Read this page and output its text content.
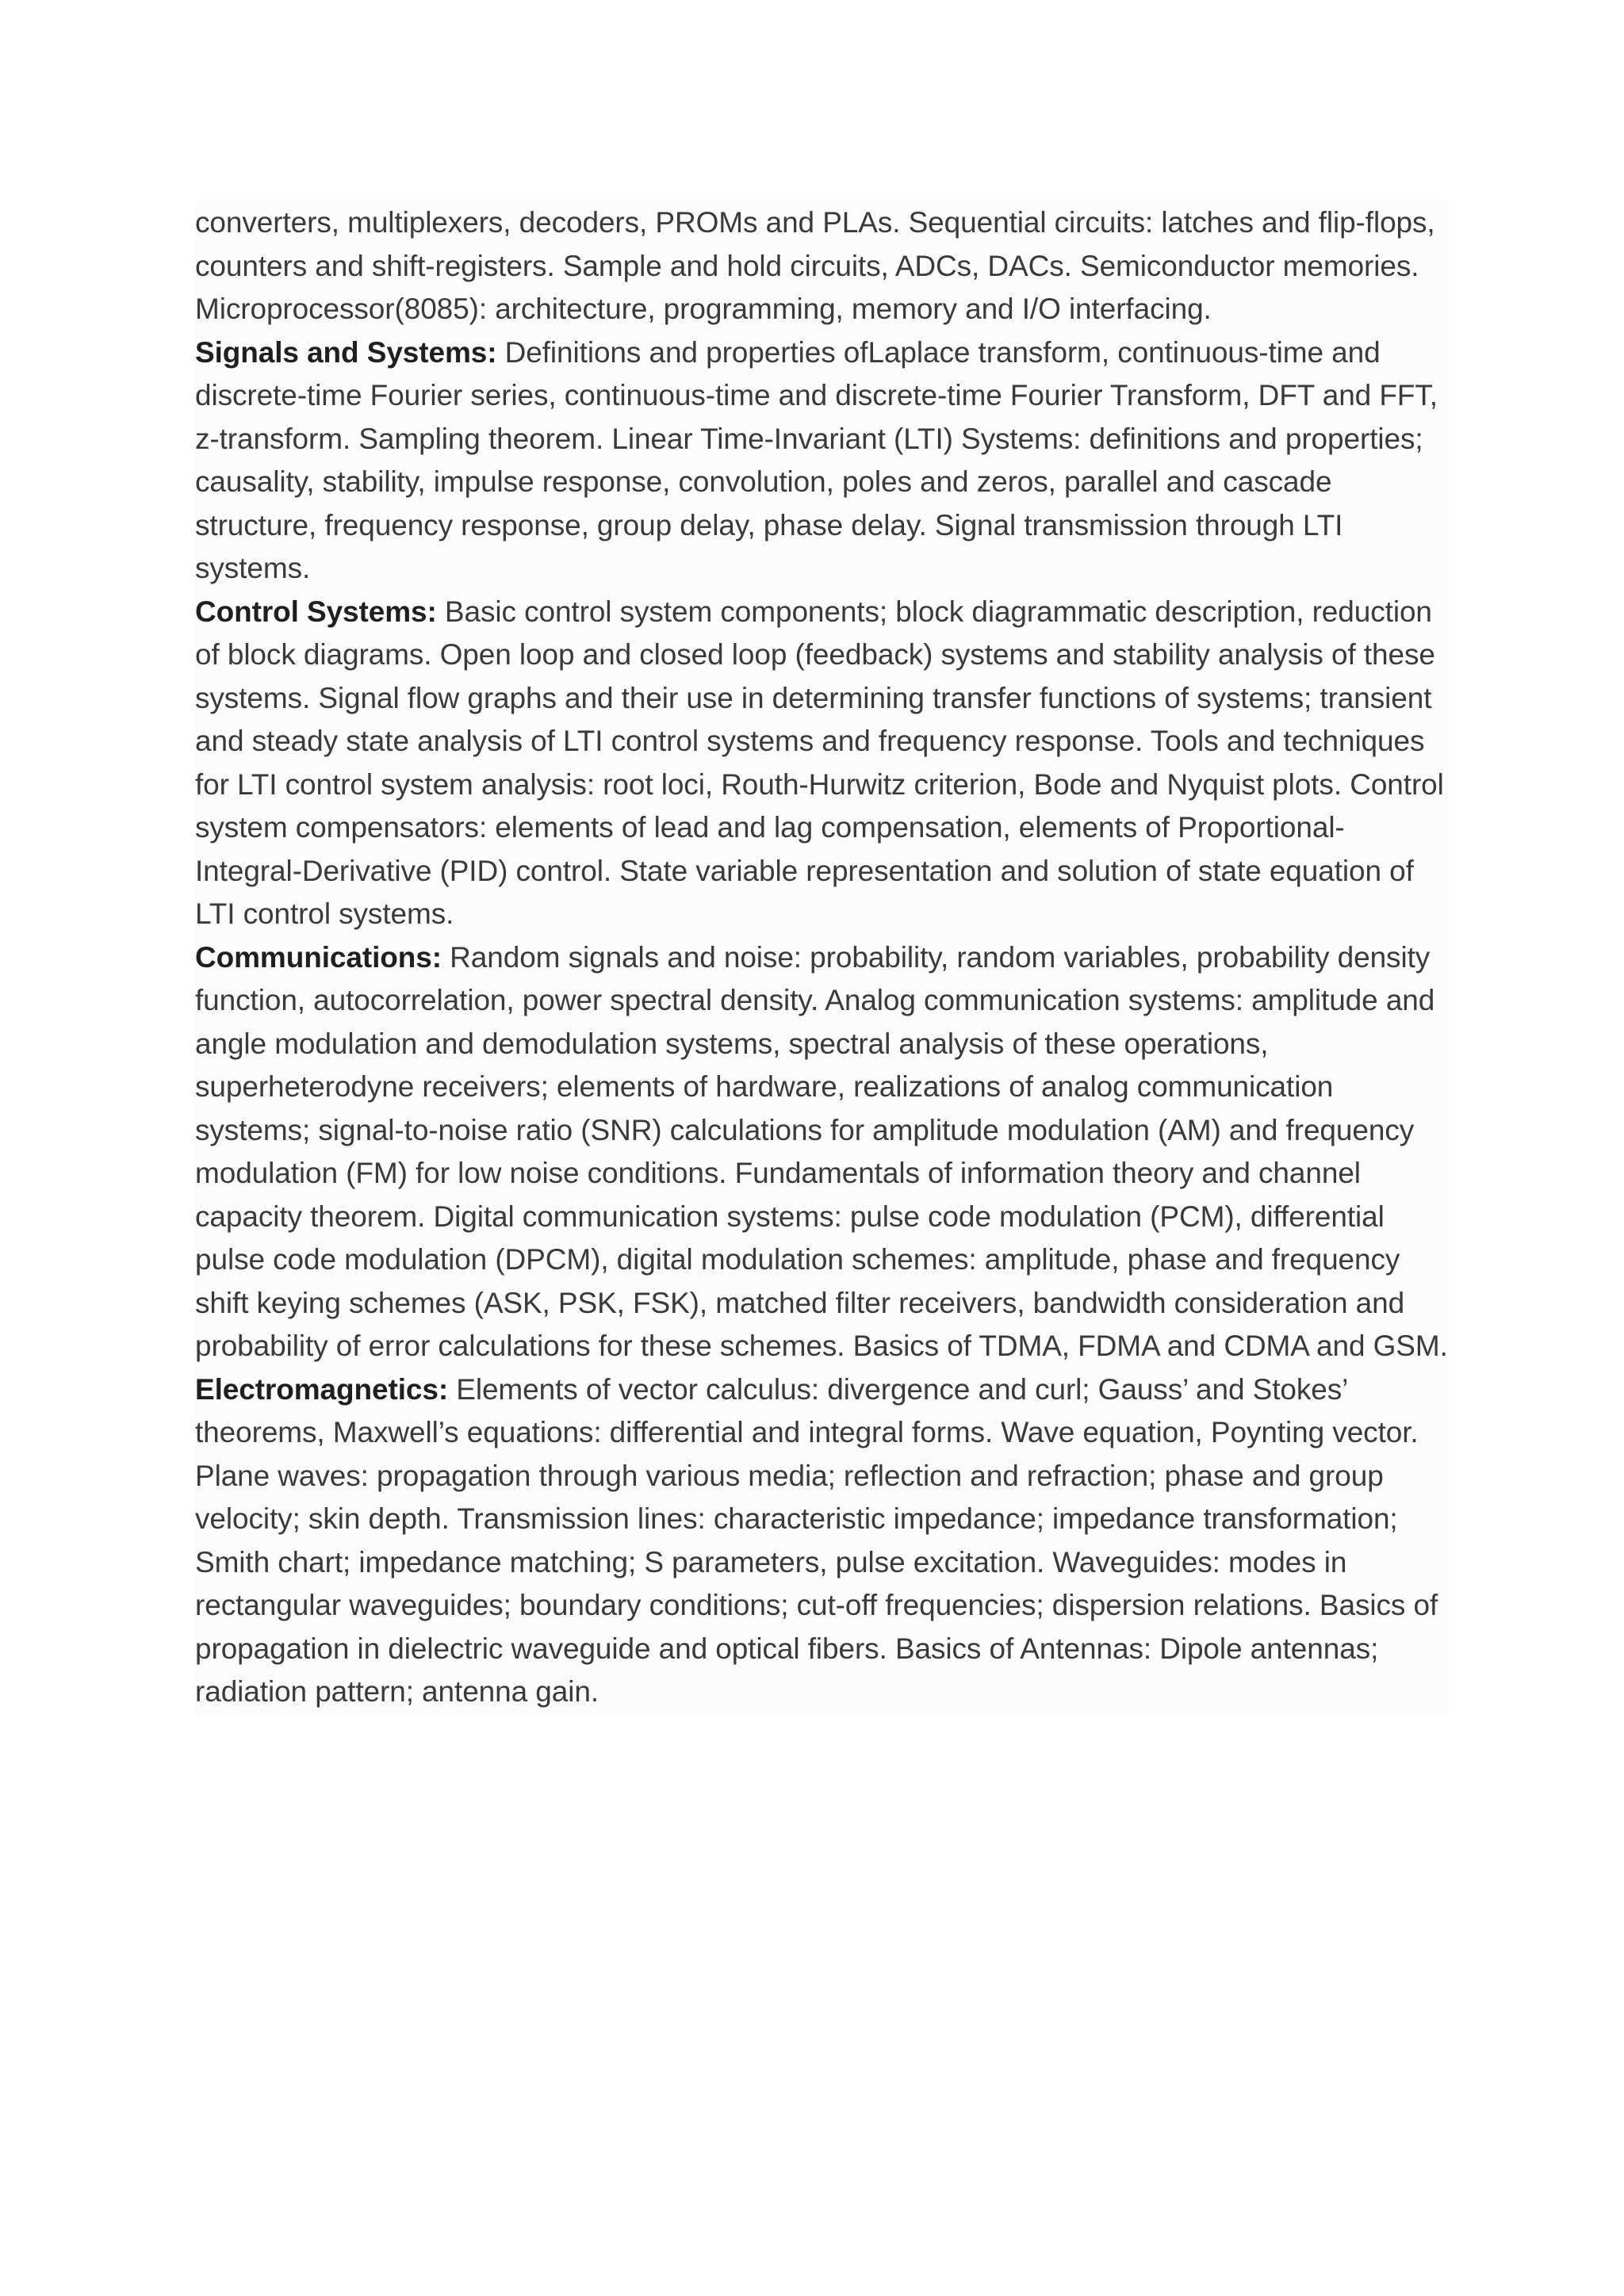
converters, multiplexers, decoders, PROMs and PLAs. Sequential circuits: latches and flip-flops, counters and shift-registers. Sample and hold circuits, ADCs, DACs. Semiconductor memories. Microprocessor(8085): architecture, programming, memory and I/O interfacing.

Signals and Systems: Definitions and properties ofLaplace transform, continuous-time and discrete-time Fourier series, continuous-time and discrete-time Fourier Transform, DFT and FFT, z-transform. Sampling theorem. Linear Time-Invariant (LTI) Systems: definitions and properties; causality, stability, impulse response, convolution, poles and zeros, parallel and cascade structure, frequency response, group delay, phase delay. Signal transmission through LTI systems.

Control Systems: Basic control system components; block diagrammatic description, reduction of block diagrams. Open loop and closed loop (feedback) systems and stability analysis of these systems. Signal flow graphs and their use in determining transfer functions of systems; transient and steady state analysis of LTI control systems and frequency response. Tools and techniques for LTI control system analysis: root loci, Routh-Hurwitz criterion, Bode and Nyquist plots. Control system compensators: elements of lead and lag compensation, elements of Proportional-Integral-Derivative (PID) control. State variable representation and solution of state equation of LTI control systems.

Communications: Random signals and noise: probability, random variables, probability density function, autocorrelation, power spectral density. Analog communication systems: amplitude and angle modulation and demodulation systems, spectral analysis of these operations, superheterodyne receivers; elements of hardware, realizations of analog communication systems; signal-to-noise ratio (SNR) calculations for amplitude modulation (AM) and frequency modulation (FM) for low noise conditions. Fundamentals of information theory and channel capacity theorem. Digital communication systems: pulse code modulation (PCM), differential pulse code modulation (DPCM), digital modulation schemes: amplitude, phase and frequency shift keying schemes (ASK, PSK, FSK), matched filter receivers, bandwidth consideration and probability of error calculations for these schemes. Basics of TDMA, FDMA and CDMA and GSM.

Electromagnetics: Elements of vector calculus: divergence and curl; Gauss’ and Stokes’ theorems, Maxwell’s equations: differential and integral forms. Wave equation, Poynting vector. Plane waves: propagation through various media; reflection and refraction; phase and group velocity; skin depth. Transmission lines: characteristic impedance; impedance transformation; Smith chart; impedance matching; S parameters, pulse excitation. Waveguides: modes in rectangular waveguides; boundary conditions; cut-off frequencies; dispersion relations. Basics of propagation in dielectric waveguide and optical fibers. Basics of Antennas: Dipole antennas; radiation pattern; antenna gain.
